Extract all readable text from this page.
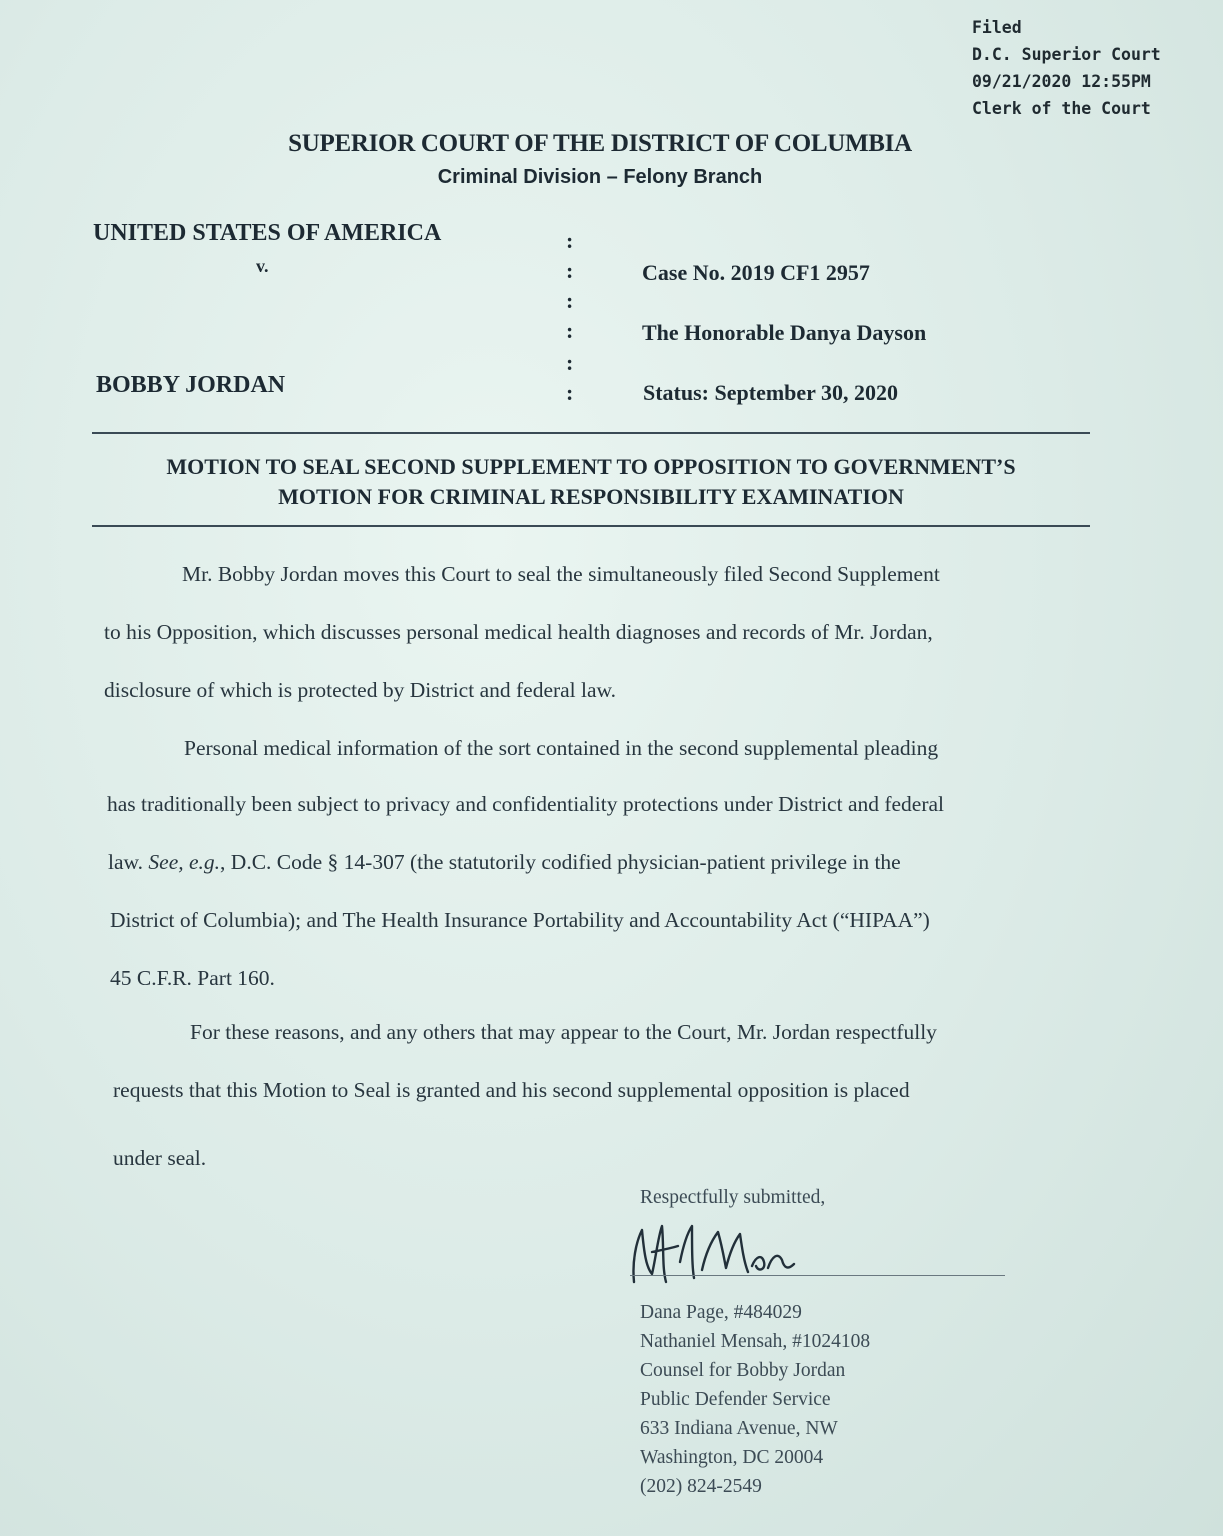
Filed
D.C. Superior Court
09/21/2020 12:55PM
Clerk of the Court
SUPERIOR COURT OF THE DISTRICT OF COLUMBIA
Criminal Division – Felony Branch
UNITED STATES OF AMERICA
v.
BOBBY JORDAN
:
:
:
:
:
:
Case No. 2019 CF1 2957
The Honorable Danya Dayson
Status: September 30, 2020
MOTION TO SEAL SECOND SUPPLEMENT TO OPPOSITION TO GOVERNMENT’S
MOTION FOR CRIMINAL RESPONSIBILITY EXAMINATION
Mr. Bobby Jordan moves this Court to seal the simultaneously filed Second Supplement
to his Opposition, which discusses personal medical health diagnoses and records of Mr. Jordan,
disclosure of which is protected by District and federal law.
Personal medical information of the sort contained in the second supplemental pleading
has traditionally been subject to privacy and confidentiality protections under District and federal
law. See, e.g., D.C. Code § 14-307 (the statutorily codified physician-patient privilege in the
District of Columbia); and The Health Insurance Portability and Accountability Act (“HIPAA”)
45 C.F.R. Part 160.
For these reasons, and any others that may appear to the Court, Mr. Jordan respectfully
requests that this Motion to Seal is granted and his second supplemental opposition is placed
under seal.
Respectfully submitted,
Dana Page, #484029
Nathaniel Mensah, #1024108
Counsel for Bobby Jordan
Public Defender Service
633 Indiana Avenue, NW
Washington, DC 20004
(202) 824-2549
